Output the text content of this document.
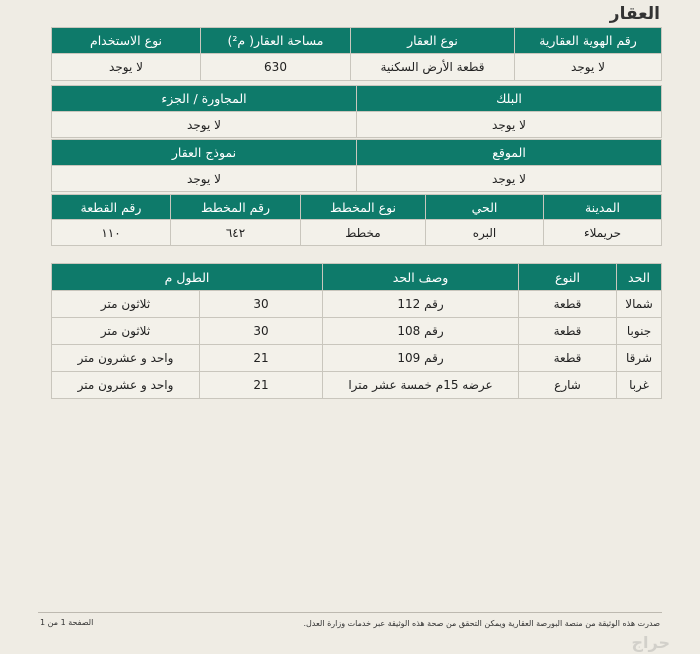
العقار
رقم الهوية العقارية	نوع العقار	مساحة العقار( م²)	نوع الاستخدام
لا يوجد	قطعة الأرض السكنية	630	لا يوجد
البلك	المجاورة / الجزء
لا يوجد	لا يوجد
الموقع	نموذج العقار
لا يوجد	لا يوجد
المدينة	الحي	نوع المخطط	رقم المخطط	رقم القطعة
حريملاء	البره	مخطط	٦٤٢	١١٠
الحد	النوع	وصف الحد	الطول م	
شمالا	قطعة	رقم 112	30	ثلاثون متر
جنوبا	قطعة	رقم 108	30	ثلاثون متر
شرقا	قطعة	رقم 109	21	واحد و عشرون متر
غربا	شارع	عرضه 15م خمسة عشر مترا	21	واحد و عشرون متر
صدرت هذه الوثيقة من منصة البورصة العقارية ويمكن التحقق من صحة هذه الوثيقة عبر خدمات وزارة العدل.
الصفحة 1 من 1
حراج
